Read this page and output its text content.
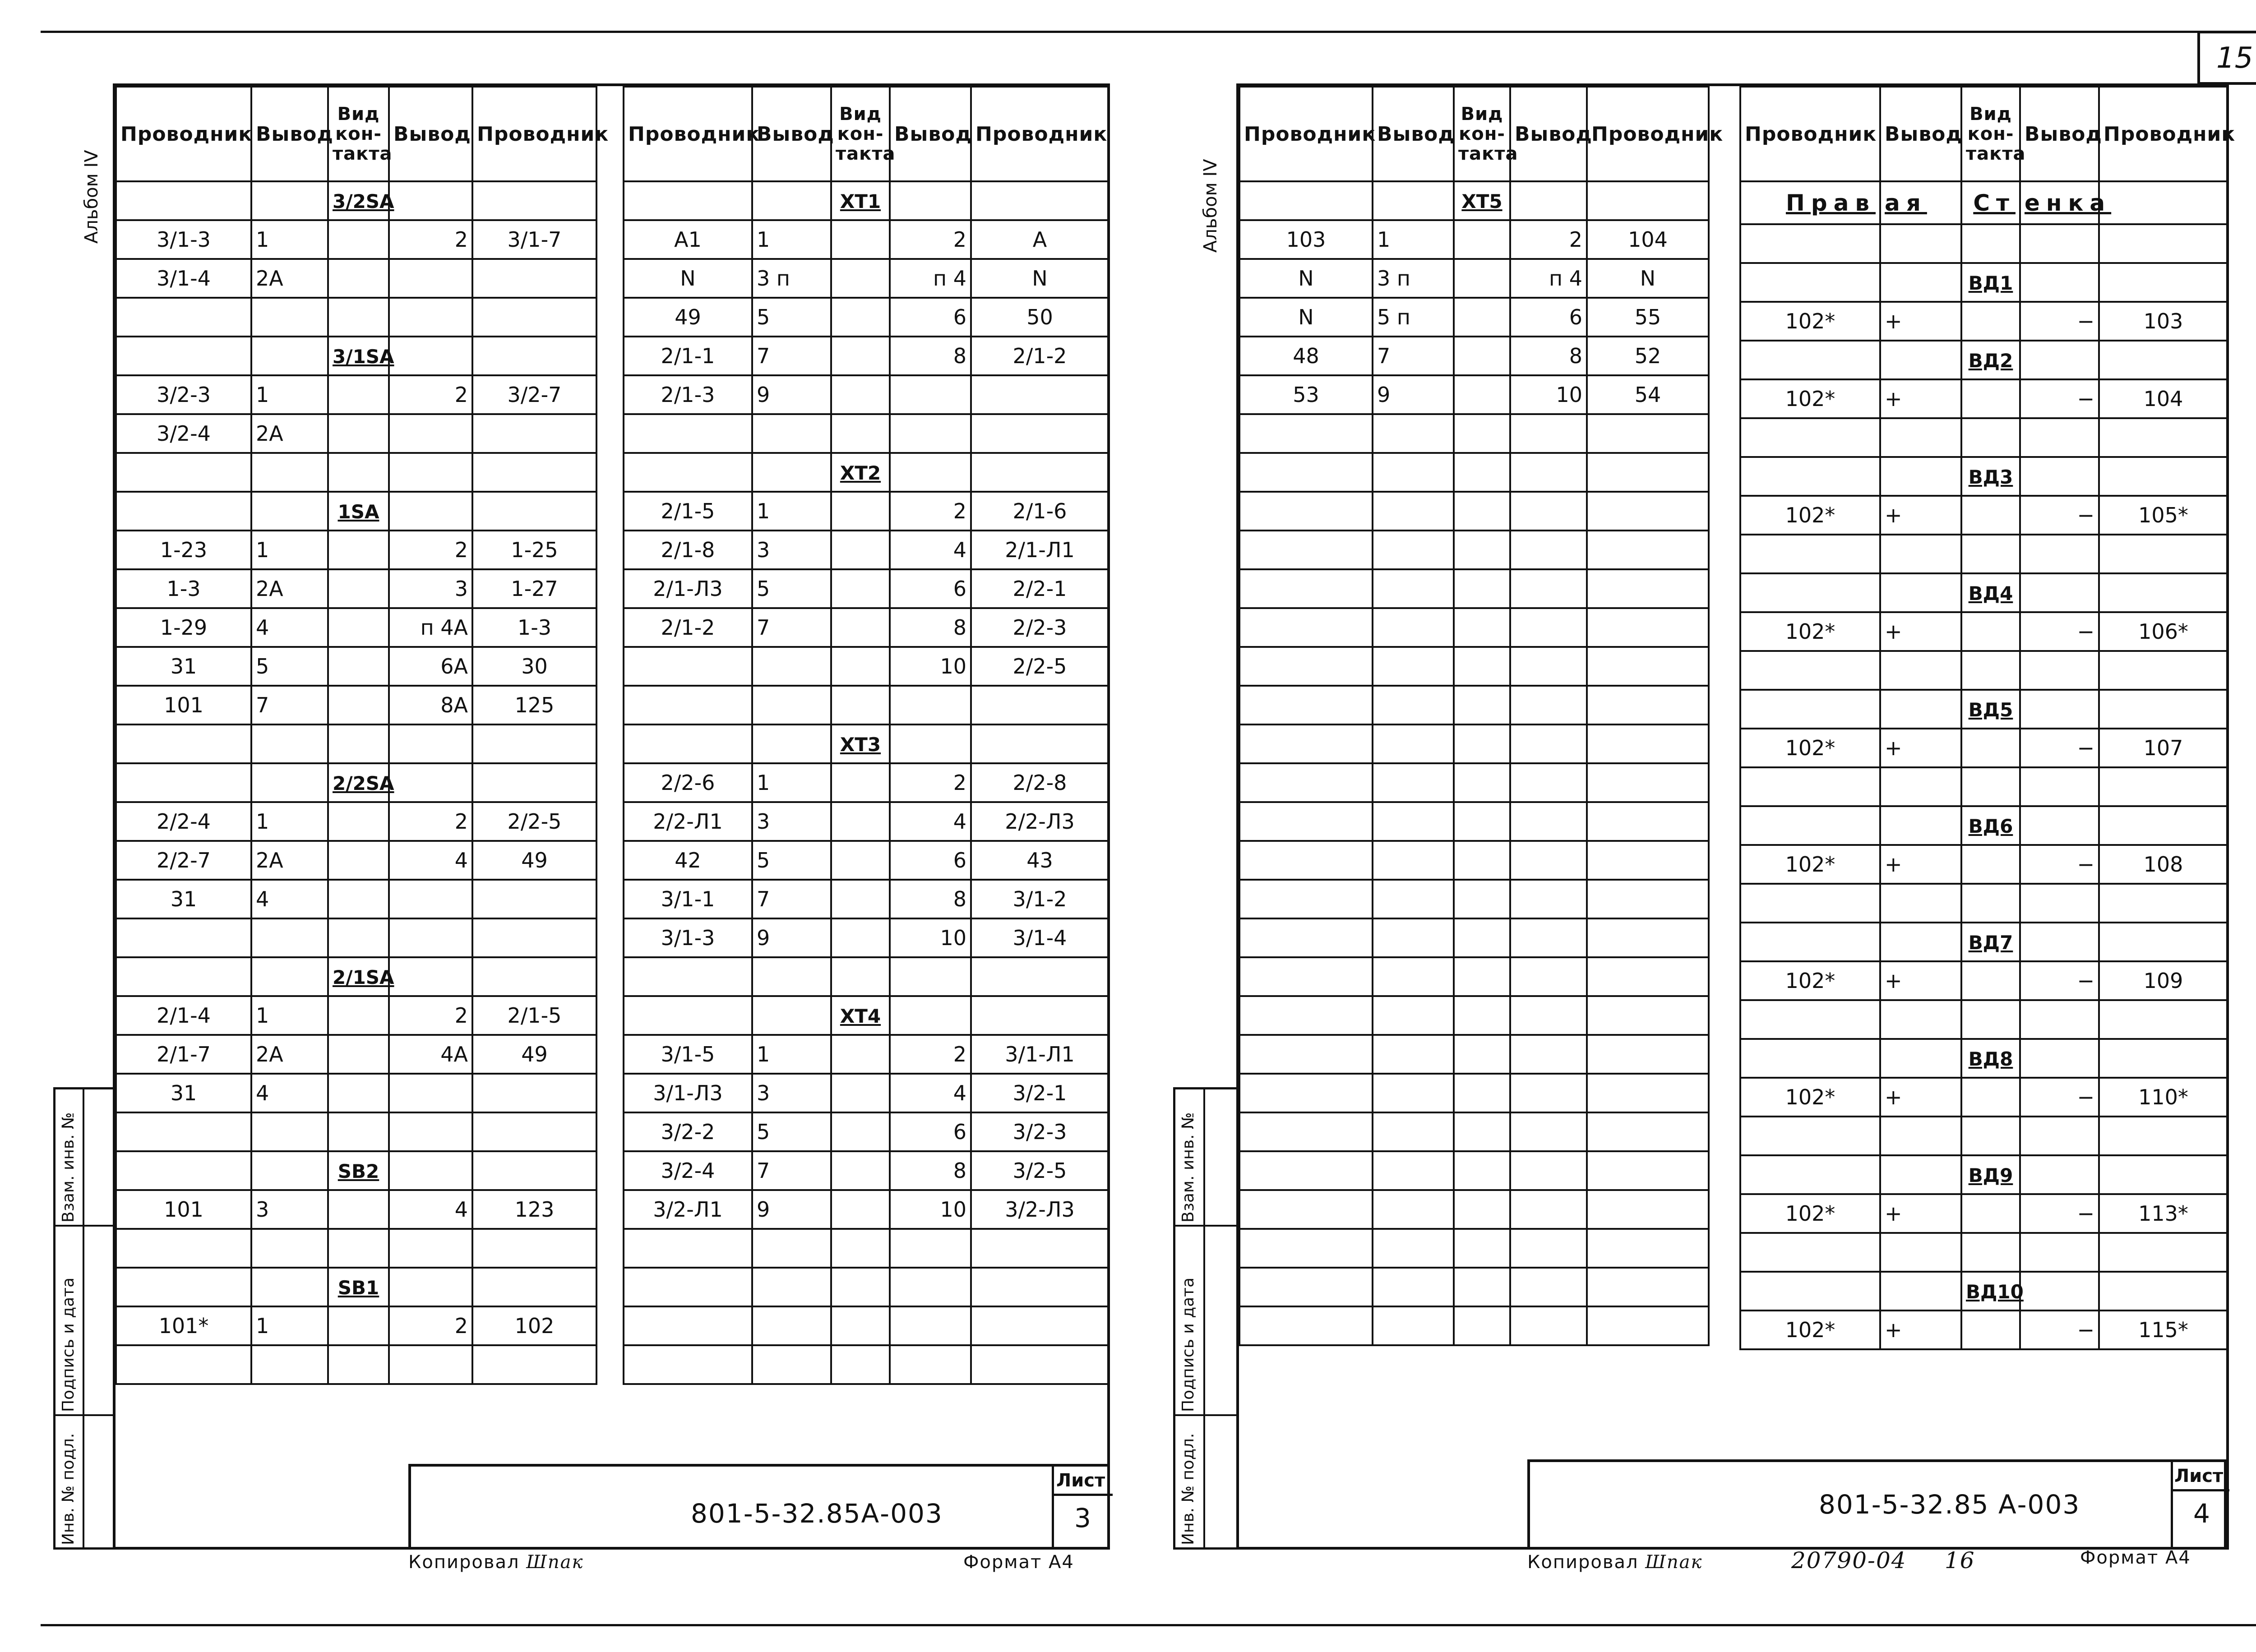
15
Альбом IV
Инв. № подл.
Подпись и дата
Взам. инв. №
Проводник	Вывод	Вид
кон-
такта	Вывод	Проводник
		3/2SA		
3/1-3	1		2	3/1-7
3/1-4	2А			

		3/1SA		
3/2-3	1		2	3/2-7
3/2-4	2А			

		1SA		
1-23	1		2	1-25
1-3	2А		3	1-27
1-29	4		п 4А	1-3
31	5		6А	30
101	7		8А	125

		2/2SA		
2/2-4	1		2	2/2-5
2/2-7	2А		4	49
31	4			

		2/1SA		
2/1-4	1		2	2/1-5
2/1-7	2А		4А	49
31	4			

		SB2		
101	3		4	123

		SB1		
101*	1		2	102

Проводник	Вывод	Вид
кон-
такта	Вывод	Проводник
		ХТ1		
А1	1		2	А
N	3 п		п 4	N
49	5		6	50
2/1-1	7		8	2/1-2
2/1-3	9			

		ХТ2		
2/1-5	1		2	2/1-6
2/1-8	3		4	2/1-Л1
2/1-Л3	5		6	2/2-1
2/1-2	7		8	2/2-3
			10	2/2-5

		ХТ3		
2/2-6	1		2	2/2-8
2/2-Л1	3		4	2/2-Л3
42	5		6	43
3/1-1	7		8	3/1-2
3/1-3	9		10	3/1-4

		ХТ4		
3/1-5	1		2	3/1-Л1
3/1-Л3	3		4	3/2-1
3/2-2	5		6	3/2-3
3/2-4	7		8	3/2-5
3/2-Л1	9		10	3/2-Л3

801-5-32.85А-003
Лист
3
Копировал Шпак	Формат А4
Альбом IV
Инв. № подл.
Подпись и дата
Взам. инв. №
Проводник	Вывод	Вид
кон-
такта	Вывод	Проводник
		ХТ5		
103	1		2	104
N	3 п		п 4	N
N	5 п		6	55
48	7		8	52
53	9		10	54

Проводник	Вывод	Вид
кон-
такта	Вывод	Проводник
Прав	ая	Ст	енка	

		ВД1		
102*	+		−	103
		ВД2		
102*	+		−	104

		ВД3		
102*	+		−	105*

		ВД4		
102*	+		−	106*

		ВД5		
102*	+		−	107

		ВД6		
102*	+		−	108

		ВД7		
102*	+		−	109

		ВД8		
102*	+		−	110*

		ВД9		
102*	+		−	113*

		ВД10		
102*	+		−	115*
801-5-32.85 А-003
Лист
4
Копировал Шпак	20790-04 16	Формат А4
